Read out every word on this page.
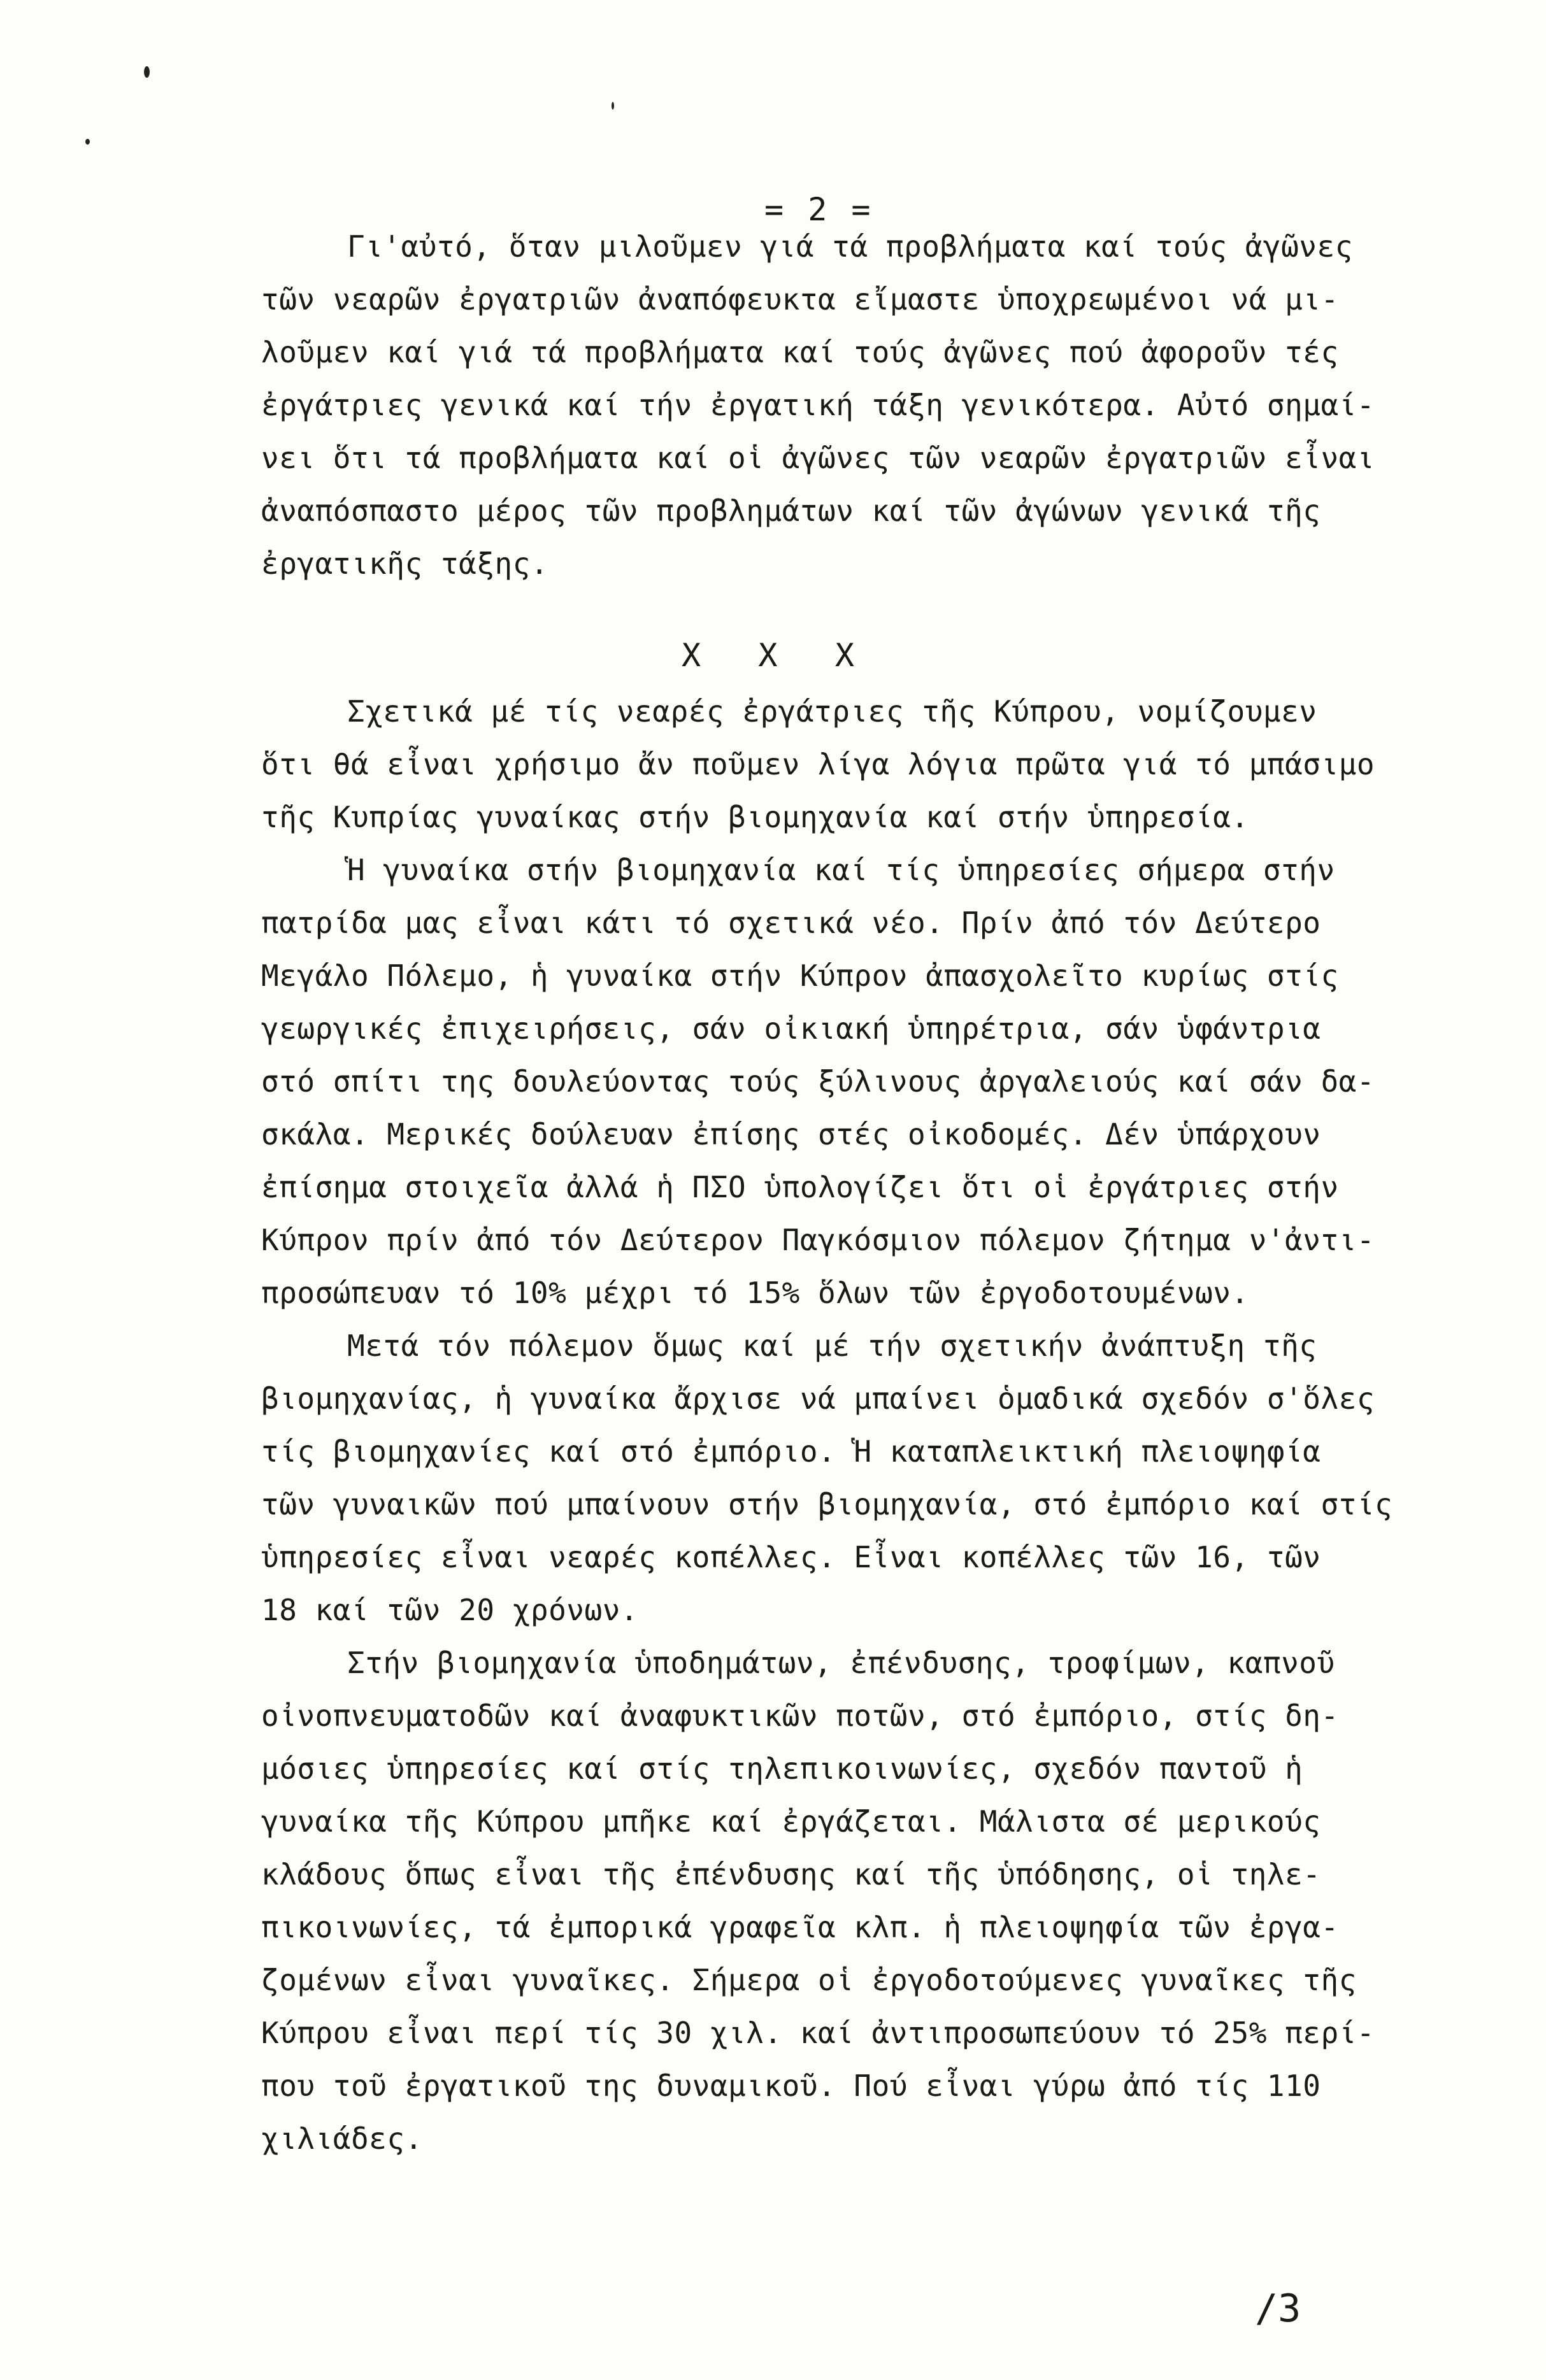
= 2 =
Γι'αὐτό, ὅταν μιλοῦμεν γιά τά προβλήματα καί τούς ἀγῶνες
τῶν νεαρῶν ἐργατριῶν ἀναπόφευκτα εἴμαστε ὑποχρεωμένοι νά μι-
λοῦμεν καί γιά τά προβλήματα καί τούς ἀγῶνες πού ἀφοροῦν τές
ἐργάτριες γενικά καί τήν ἐργατική τάξη γενικότερα. Αὐτό σημαί-
νει ὅτι τά προβλήματα καί οἱ ἀγῶνες τῶν νεαρῶν ἐργατριῶν εἶναι
ἀναπόσπαστο μέρος τῶν προβλημάτων καί τῶν ἀγώνων γενικά τῆς
ἐργατικῆς τάξης.
X   X   X
Σχετικά μέ τίς νεαρές ἐργάτριες τῆς Κύπρου, νομίζουμεν
ὅτι θά εἶναι χρήσιμο ἄν ποῦμεν λίγα λόγια πρῶτα γιά τό μπάσιμο
τῆς Κυπρίας γυναίκας στήν βιομηχανία καί στήν ὑπηρεσία.
Ἡ γυναίκα στήν βιομηχανία καί τίς ὑπηρεσίες σήμερα στήν
πατρίδα μας εἶναι κάτι τό σχετικά νέο. Πρίν ἀπό τόν Δεύτερο
Μεγάλο Πόλεμο, ἡ γυναίκα στήν Κύπρον ἀπασχολεῖτο κυρίως στίς
γεωργικές ἐπιχειρήσεις, σάν οἰκιακή ὑπηρέτρια, σάν ὑφάντρια
στό σπίτι της δουλεύοντας τούς ξύλινους ἀργαλειούς καί σάν δα-
σκάλα. Μερικές δούλευαν ἐπίσης στές οἰκοδομές. Δέν ὑπάρχουν
ἐπίσημα στοιχεῖα ἀλλά ἡ ΠΣΟ ὑπολογίζει ὅτι οἱ ἐργάτριες στήν
Κύπρον πρίν ἀπό τόν Δεύτερον Παγκόσμιον πόλεμον ζήτημα ν'ἀντι-
προσώπευαν τό 10% μέχρι τό 15% ὅλων τῶν ἐργοδοτουμένων.
Μετά τόν πόλεμον ὅμως καί μέ τήν σχετικήν ἀνάπτυξη τῆς
βιομηχανίας, ἡ γυναίκα ἄρχισε νά μπαίνει ὁμαδικά σχεδόν σ'ὅλες
τίς βιομηχανίες καί στό ἐμπόριο. Ἡ καταπλεικτική πλειοψηφία
τῶν γυναικῶν πού μπαίνουν στήν βιομηχανία, στό ἐμπόριο καί στίς
ὑπηρεσίες εἶναι νεαρές κοπέλλες. Εἶναι κοπέλλες τῶν 16, τῶν
18 καί τῶν 20 χρόνων.
Στήν βιομηχανία ὑποδημάτων, ἐπένδυσης, τροφίμων, καπνοῦ
οἰνοπνευματοδῶν καί ἀναφυκτικῶν ποτῶν, στό ἐμπόριο, στίς δη-
μόσιες ὑπηρεσίες καί στίς τηλεπικοινωνίες, σχεδόν παντοῦ ἡ
γυναίκα τῆς Κύπρου μπῆκε καί ἐργάζεται. Μάλιστα σέ μερικούς
κλάδους ὅπως εἶναι τῆς ἐπένδυσης καί τῆς ὑπόδησης, οἱ τηλε-
πικοινωνίες, τά ἐμπορικά γραφεῖα κλπ. ἡ πλειοψηφία τῶν ἐργα-
ζομένων εἶναι γυναῖκες. Σήμερα οἱ ἐργοδοτούμενες γυναῖκες τῆς
Κύπρου εἶναι περί τίς 30 χιλ. καί ἀντιπροσωπεύουν τό 25% περί-
που τοῦ ἐργατικοῦ της δυναμικοῦ. Πού εἶναι γύρω ἀπό τίς 110
χιλιάδες.
/3
